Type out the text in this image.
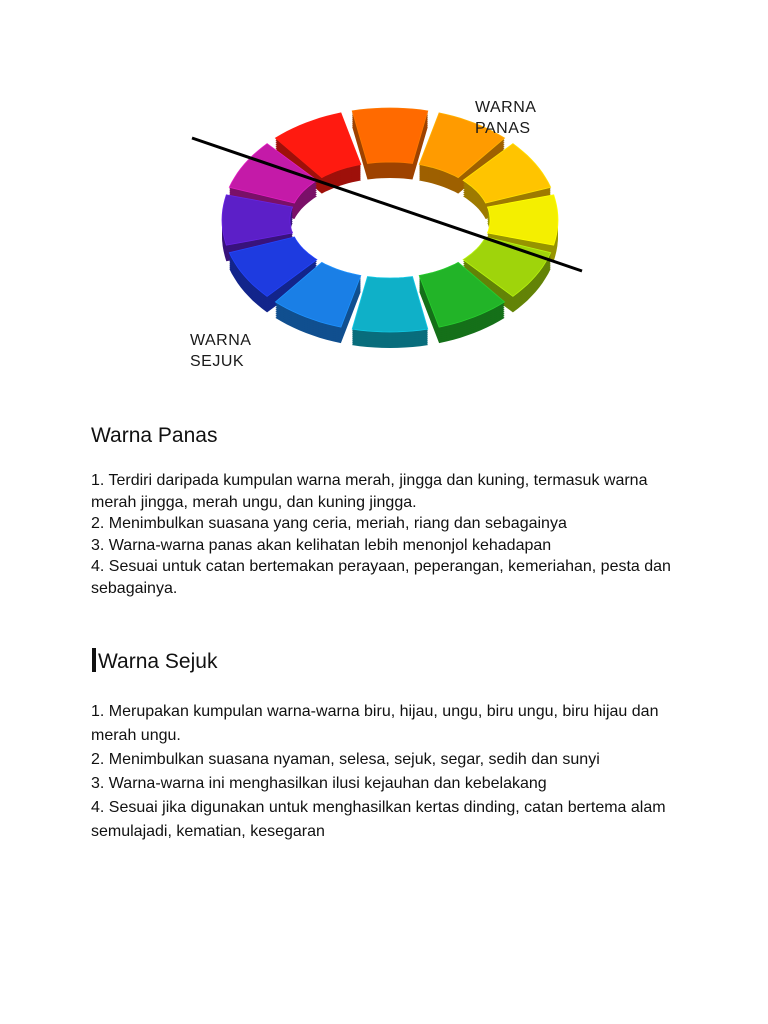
WARNA
PANAS
WARNA
SEJUK
Warna Panas
1. Terdiri daripada kumpulan warna merah, jingga dan kuning, termasuk warna merah jingga, merah ungu, dan kuning jingga.
2. Menimbulkan suasana yang ceria, meriah, riang dan sebagainya
3. Warna-warna panas akan kelihatan lebih menonjol kehadapan
4. Sesuai untuk catan bertemakan perayaan, peperangan, kemeriahan, pesta dan sebagainya.
Warna Sejuk
1. Merupakan kumpulan warna-warna biru, hijau, ungu, biru ungu, biru hijau dan merah ungu.
2. Menimbulkan suasana nyaman, selesa, sejuk, segar, sedih dan sunyi
3. Warna-warna ini menghasilkan ilusi kejauhan dan kebelakang
4. Sesuai jika digunakan untuk menghasilkan kertas dinding, catan bertema alam semulajadi, kematian, kesegaran
